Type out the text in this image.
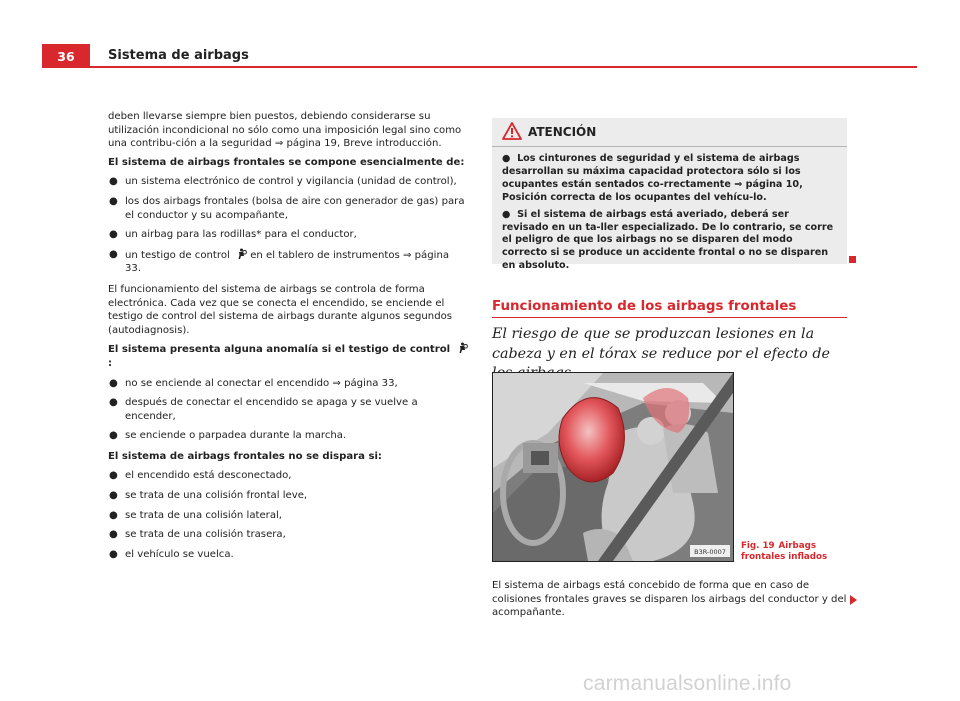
36	Sistema de airbags

deben llevarse siempre bien puestos, debiendo considerarse su utilización incondicional no sólo como una imposición legal sino como una contribu-ción a la seguridad ⇒ página 19, Breve introducción.

El sistema de airbags frontales se compone esencialmente de:

● un sistema electrónico de control y vigilancia (unidad de control),
● los dos airbags frontales (bolsa de aire con generador de gas) para el conductor y su acompañante,
● un airbag para las rodillas* para el conductor,
● un testigo de control  en el tablero de instrumentos ⇒ página 33.

El funcionamiento del sistema de airbags se controla de forma electrónica. Cada vez que se conecta el encendido, se enciende el testigo de control del sistema de airbags durante algunos segundos (autodiagnosis).

El sistema presenta alguna anomalía si el testigo de control :

● no se enciende al conectar el encendido ⇒ página 33,
● después de conectar el encendido se apaga y se vuelve a encender,
● se enciende o parpadea durante la marcha.

El sistema de airbags frontales no se dispara si:

● el encendido está desconectado,
● se trata de una colisión frontal leve,
● se trata de una colisión lateral,
● se trata de una colisión trasera,
● el vehículo se vuelca.
ATENCIÓN

● Los cinturones de seguridad y el sistema de airbags desarrollan su máxima capacidad protectora sólo si los ocupantes están sentados co-rrectamente ⇒ página 10, Posición correcta de los ocupantes del vehícu-lo.

● Si el sistema de airbags está averiado, deberá ser revisado en un ta-ller especializado. De lo contrario, se corre el peligro de que los airbags no se disparen del modo correcto si se produce un accidente frontal o no se disparen en absoluto.

Funcionamiento de los airbags frontales
El riesgo de que se produzcan lesiones en la cabeza y en el tórax se reduce por el efecto de
B3R-0007
Fig. 19 Airbags frontales inflados
El sistema de airbags está concebido de forma que en caso de colisiones frontales graves se disparen los airbags del conductor y del acompañante.
carmanualsonline.info
